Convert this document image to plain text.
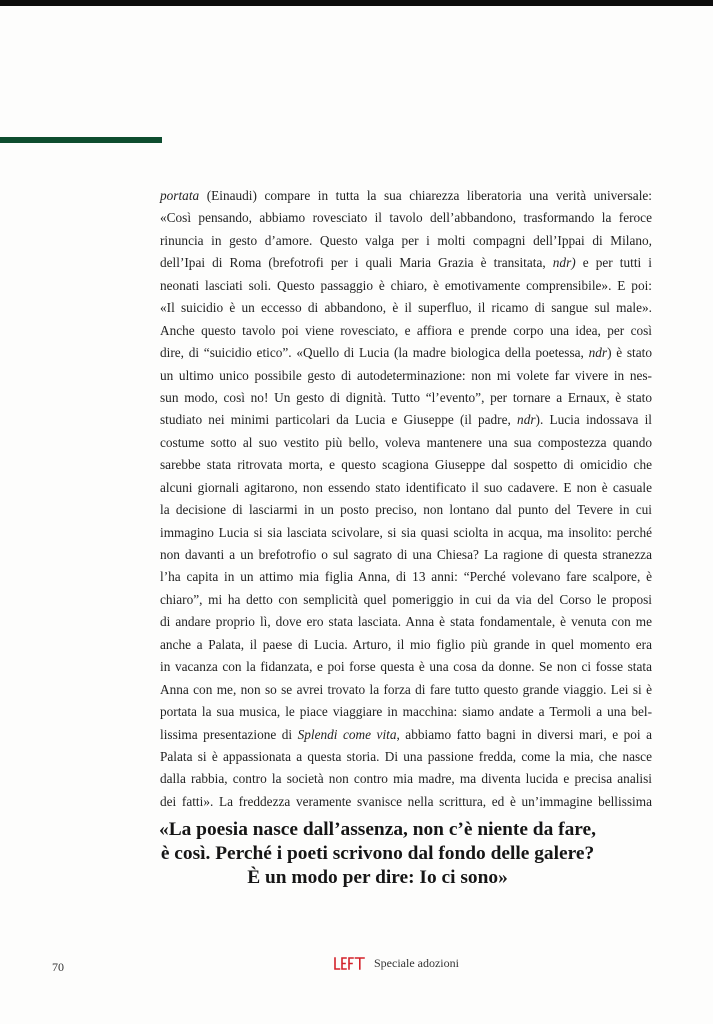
portata (Einaudi) compare in tutta la sua chiarezza liberatoria una verità universale:
«Così pensando, abbiamo rovesciato il tavolo dell’abbandono, trasformando la feroce
rinuncia in gesto d’amore. Questo valga per i molti compagni dell’Ippai di Milano,
dell’Ipai di Roma (brefotrofi per i quali Maria Grazia è transitata, ndr) e per tutti i
neonati lasciati soli. Questo passaggio è chiaro, è emotivamente comprensibile». E poi:
«Il suicidio è un eccesso di abbandono, è il superfluo, il ricamo di sangue sul male».
Anche questo tavolo poi viene rovesciato, e affiora e prende corpo una idea, per così
dire, di “suicidio etico”. «Quello di Lucia (la madre biologica della poetessa, ndr) è stato
un ultimo unico possibile gesto di autodeterminazione: non mi volete far vivere in nes-
sun modo, così no! Un gesto di dignità. Tutto “l’evento”, per tornare a Ernaux, è stato
studiato nei minimi particolari da Lucia e Giuseppe (il padre, ndr). Lucia indossava il
costume sotto al suo vestito più bello, voleva mantenere una sua compostezza quando
sarebbe stata ritrovata morta, e questo scagiona Giuseppe dal sospetto di omicidio che
alcuni giornali agitarono, non essendo stato identificato il suo cadavere. E non è casuale
la decisione di lasciarmi in un posto preciso, non lontano dal punto del Tevere in cui
immagino Lucia si sia lasciata scivolare, si sia quasi sciolta in acqua, ma insolito: perché
non davanti a un brefotrofio o sul sagrato di una Chiesa? La ragione di questa stranezza
l’ha capita in un attimo mia figlia Anna, di 13 anni: “Perché volevano fare scalpore, è
chiaro”, mi ha detto con semplicità quel pomeriggio in cui da via del Corso le proposi
di andare proprio lì, dove ero stata lasciata. Anna è stata fondamentale, è venuta con me
anche a Palata, il paese di Lucia. Arturo, il mio figlio più grande in quel momento era
in vacanza con la fidanzata, e poi forse questa è una cosa da donne. Se non ci fosse stata
Anna con me, non so se avrei trovato la forza di fare tutto questo grande viaggio. Lei si è
portata la sua musica, le piace viaggiare in macchina: siamo andate a Termoli a una bel-
lissima presentazione di Splendi come vita, abbiamo fatto bagni in diversi mari, e poi a
Palata si è appassionata a questa storia. Di una passione fredda, come la mia, che nasce
dalla rabbia, contro la società non contro mia madre, ma diventa lucida e precisa analisi
dei fatti». La freddezza veramente svanisce nella scrittura, ed è un’immagine bellissima
«La poesia nasce dall’assenza, non c’è niente da fare,
è così. Perché i poeti scrivono dal fondo delle galere?
È un modo per dire: Io ci sono»
70	Speciale adozioni
